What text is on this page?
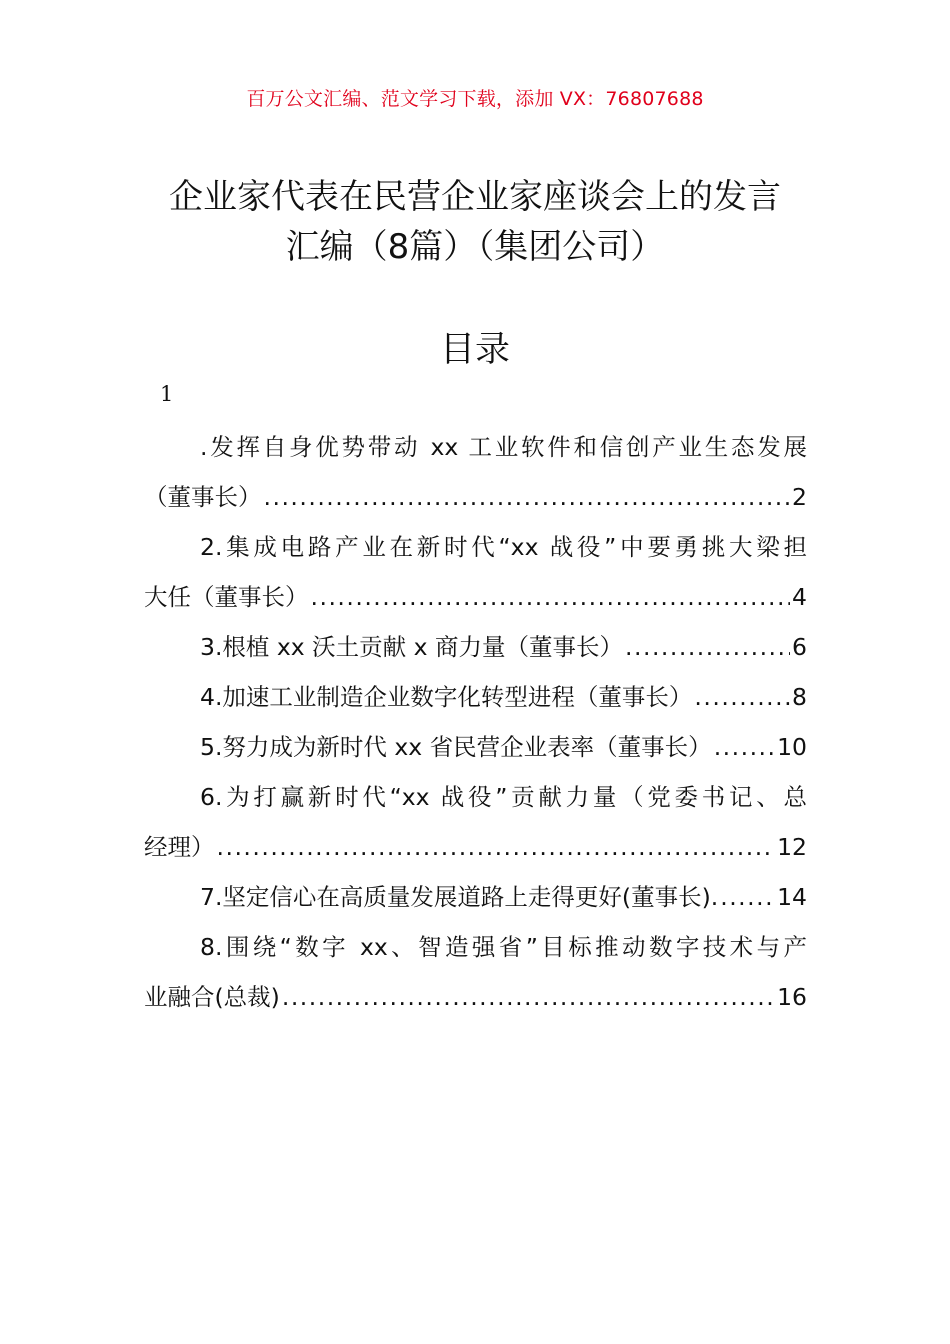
百万公文汇编、范文学习下载，添加 VX：76807688
企业家代表在民营企业家座谈会上的发言
汇编（8篇）（集团公司）
目录
1
.发挥自身优势带动 xx 工业软件和信创产业生态发展
（董事长） .....	2
2.集成电路产业在新时代“xx 战役”中要勇挑大梁担
大任（董事长） .....	4
3.根植 xx 沃土贡献 x 商力量（董事长） .....	6
4.加速工业制造企业数字化转型进程（董事长） .....	8
5.努力成为新时代 xx 省民营企业表率（董事长） .....	10
6.为打赢新时代“xx 战役”贡献力量（党委书记、总
经理） .....	12
7.坚定信心在高质量发展道路上走得更好(董事长). .....	14
8.围绕“数字 xx、智造强省”目标推动数字技术与产
业融合(总裁) .....	16
